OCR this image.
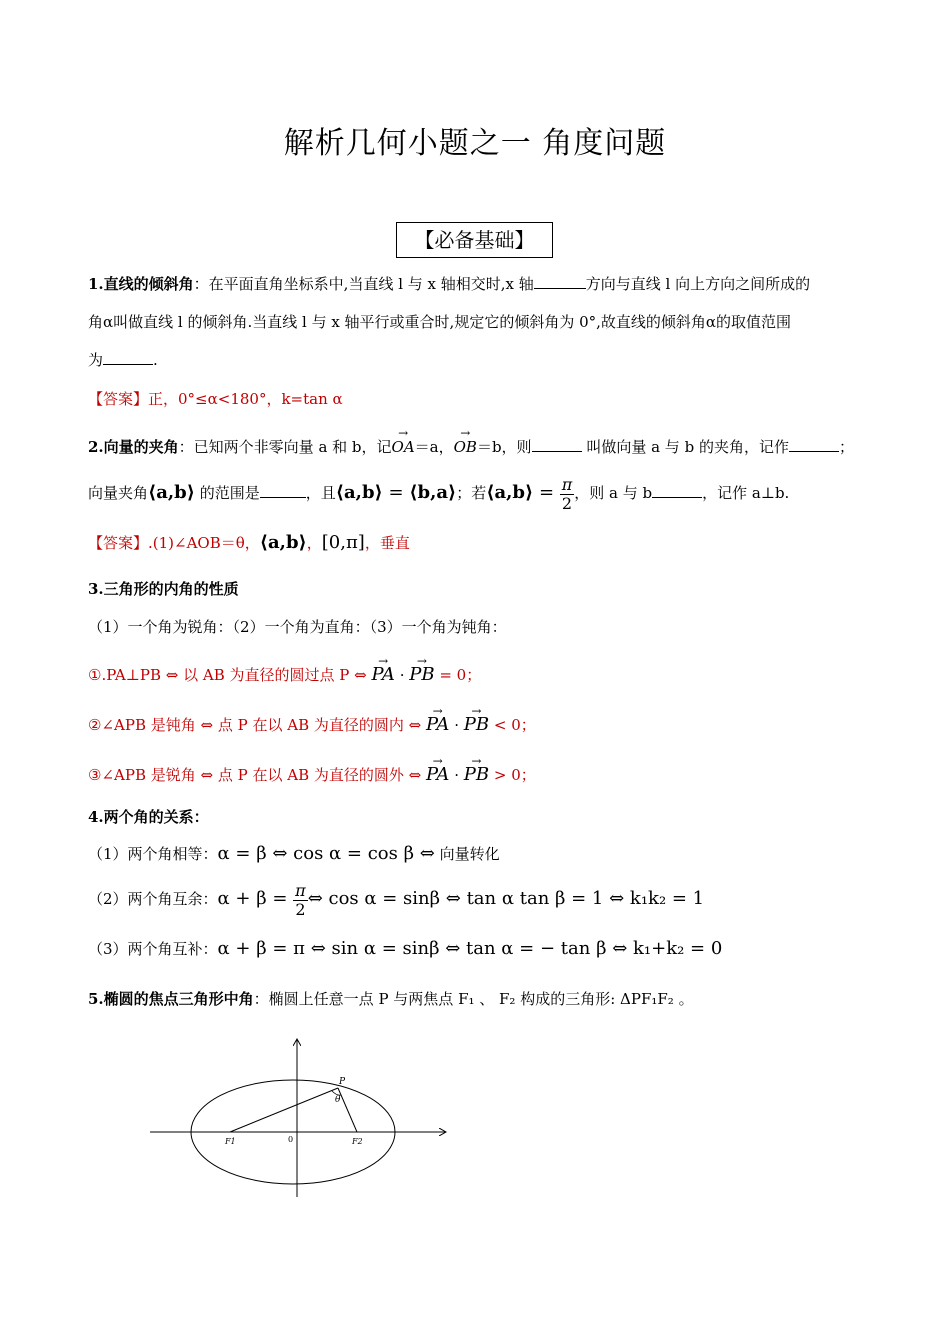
解析几何小题之一 角度问题
【必备基础】
1.直线的倾斜角：在平面直角坐标系中,当直线 l 与 x 轴相交时,x 轴	方向与直线 l 向上方向之间所成的
角α叫做直线 l 的倾斜角.当直线 l 与 x 轴平行或重合时,规定它的倾斜角为 0°,故直线的倾斜角α的取值范围
为	.
【答案】正，0°≤α<180°，k=tan α
2.向量的夹角：已知两个非零向量 a 和 b，记→ OA＝a，→ OB＝b，则	叫做向量 a 与 b 的夹角，记作	；
向量夹角⟨a,b⟩ 的范围是	，且⟨a,b⟩ = ⟨b,a⟩；若⟨a,b⟩ = $\frac{\pi}{2}$ ，则 a 与 b	，记作 a⊥b.
【答案】.(1)∠AOB＝θ，⟨a,b⟩，[0,π]，垂直
3.三角形的内角的性质
（1）一个角为锐角：（2）一个角为直角：（3）一个角为钝角：
①.PA⊥PB ⇔ 以 AB 为直径的圆过点 P ⇔ → PA · → PB = 0；
②∠APB 是钝角 ⇔ 点 P 在以 AB 为直径的圆内 ⇔ → PA · → PB < 0；
③∠APB 是锐角 ⇔ 点 P 在以 AB 为直径的圆外 ⇔ → PA · → PB > 0；
4.两个角的关系：
（1）两个角相等：α = β ⇔ cos α = cos β ⇔ 向量转化
（2）两个角互余：$\alpha + \beta = \frac{\pi}{2}$ ⇔ cos α = sinβ ⇔ tan α tan β = 1 ⇔ k₁k₂ = 1
（3）两个角互补：α + β = π ⇔ sin α = sinβ ⇔ tan α = − tan β ⇔ k₁+k₂ = 0
5.椭圆的焦点三角形中角：椭圆上任意一点 P 与两焦点 F₁ 、 F₂ 构成的三角形: ΔPF₁F₂ 。
P
θ
F1	0	F2
